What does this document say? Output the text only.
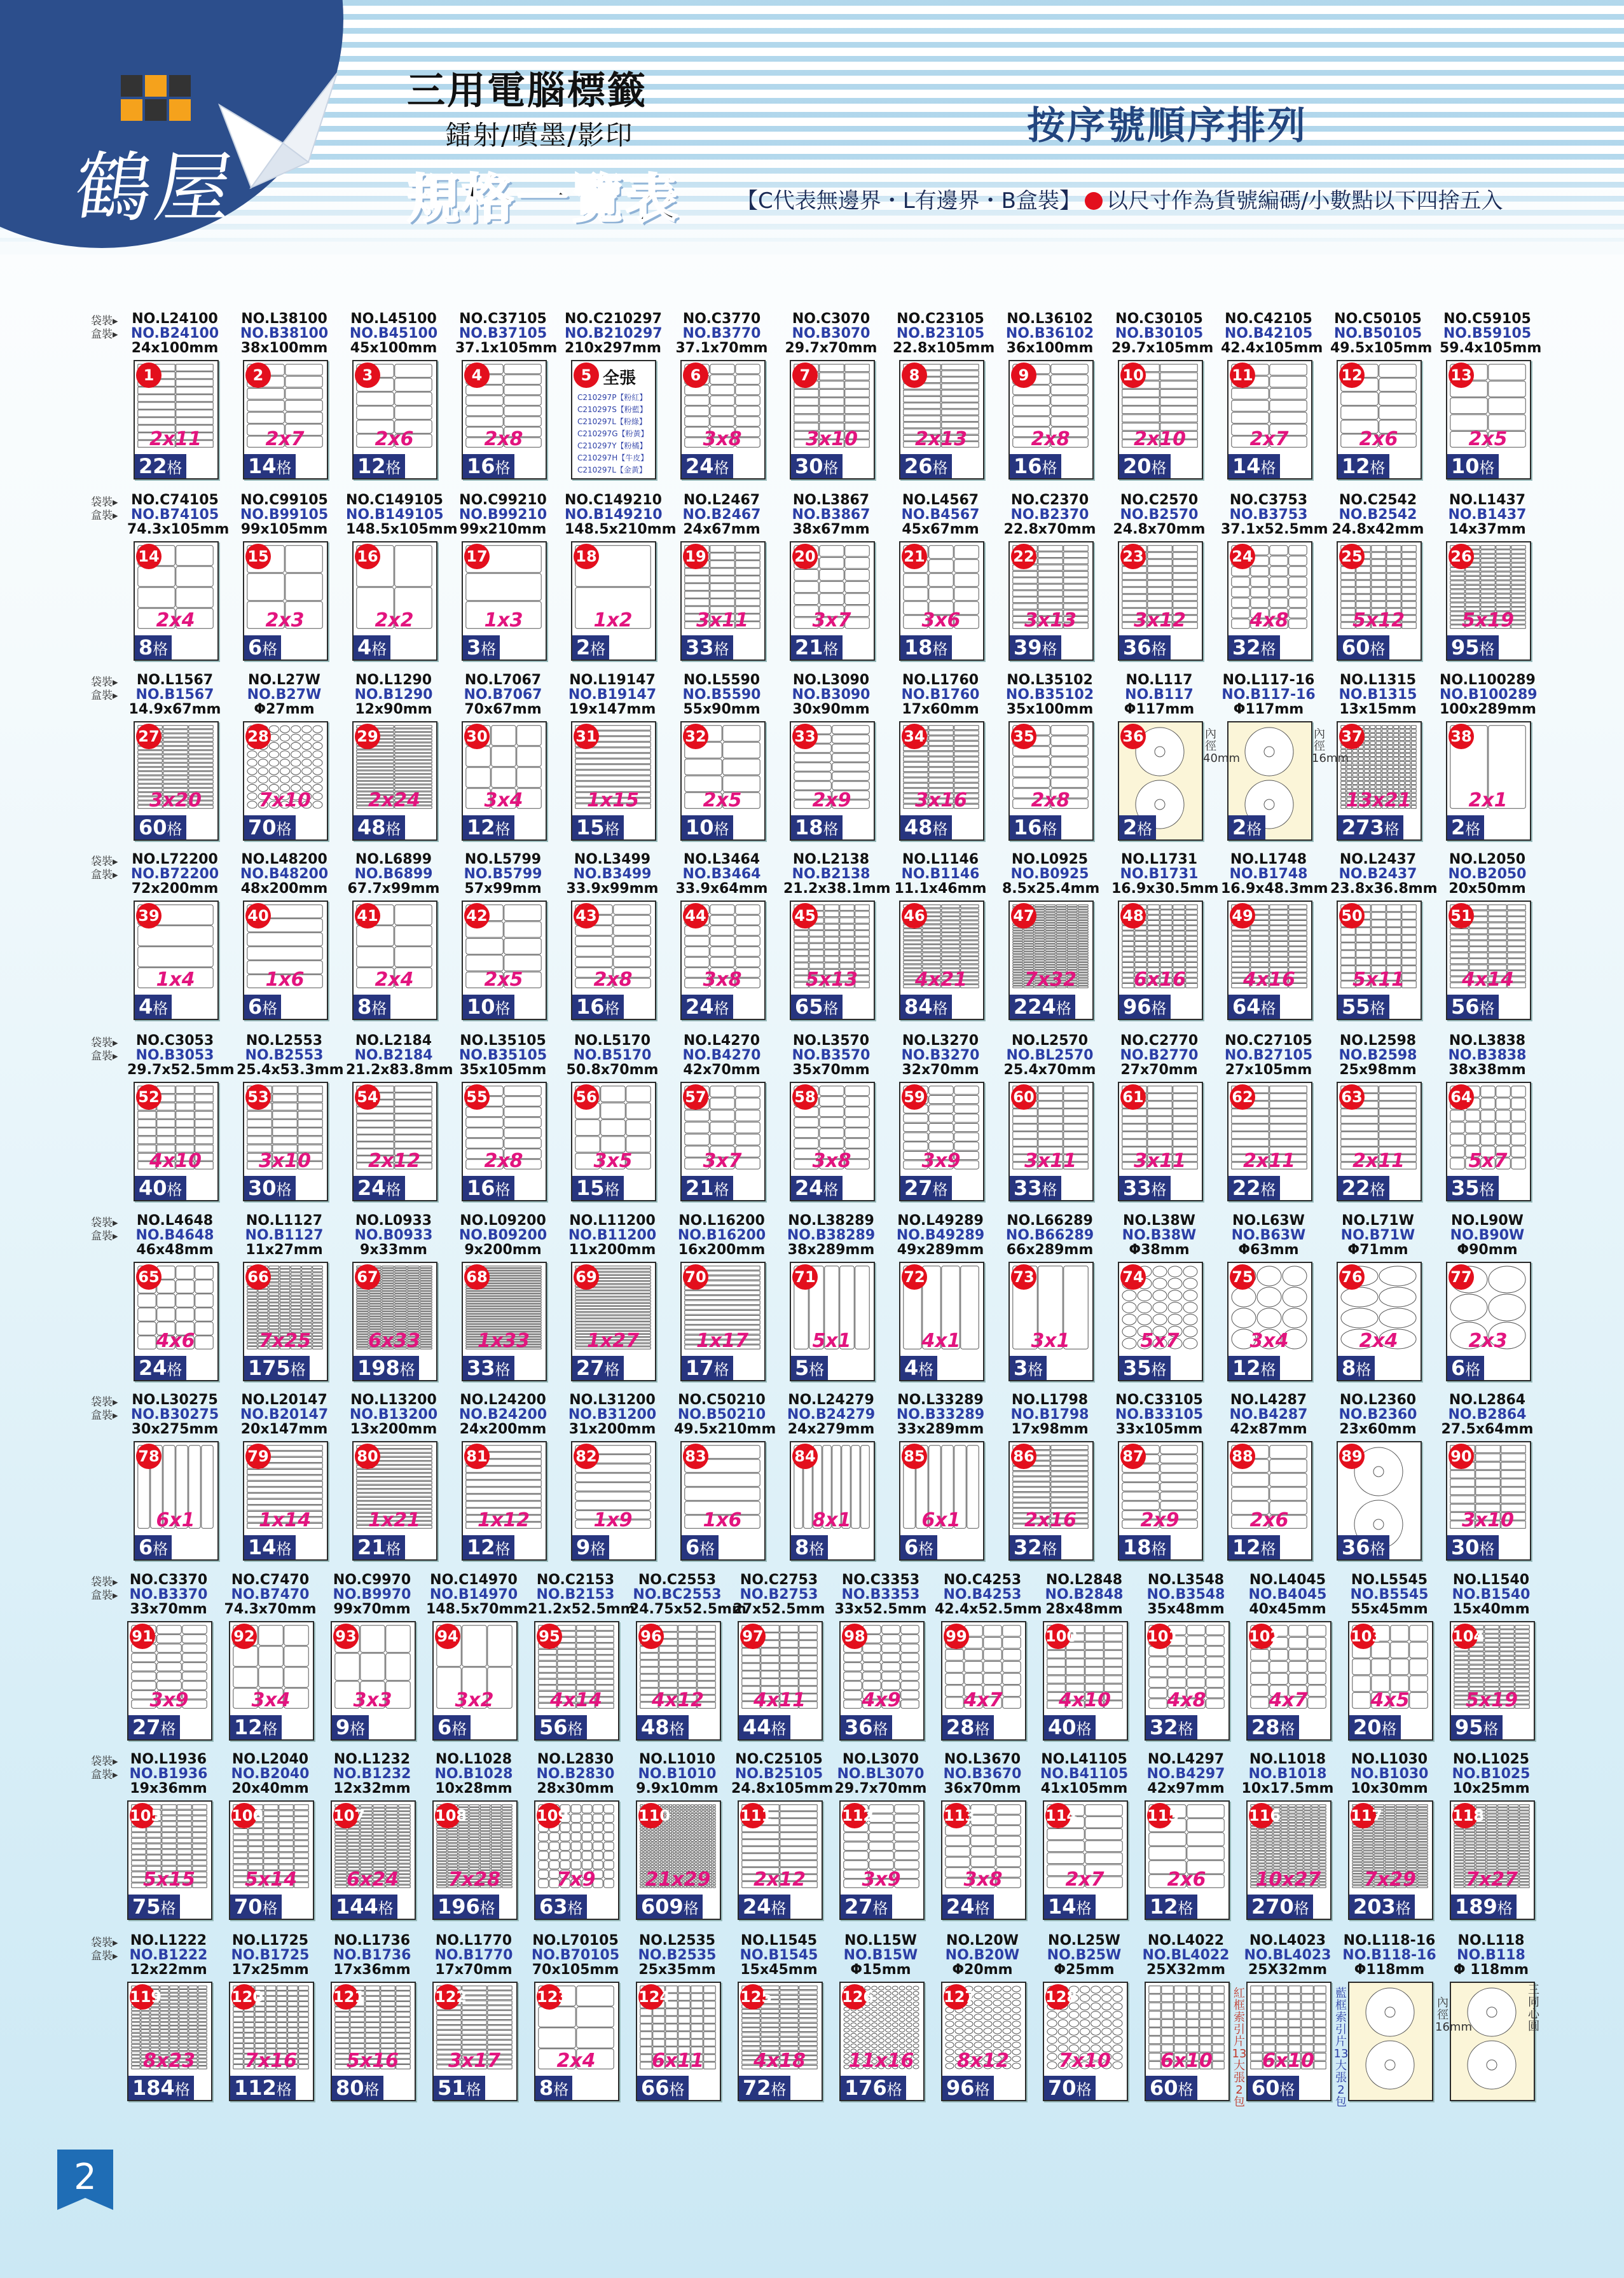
鶴屋
三用電腦標籤
鐳射/噴墨/影印
規格一覽表
按序號順序排列
【C代表無邊界・L有邊界・B盒裝】 以尺寸作為貨號編碼/小數點以下四捨五入
袋裝▸
盒裝▸
NO.L24100
NO.B24100
24x100mm
1
2x11
22格
NO.L38100
NO.B38100
38x100mm
2
2x7
14格
NO.L45100
NO.B45100
45x100mm
3
2x6
12格
NO.C37105
NO.B37105
37.1x105mm
4
2x8
16格
NO.C210297
NO.B210297
210x297mm
全張
C210297P【粉紅】
C210297S【粉藍】
C210297L【粉綠】
C210297G【粉黃】
C210297Y【粉橘】
C210297H【牛皮】
C210297L【金黃】
5
NO.C3770
NO.B3770
37.1x70mm
6
3x8
24格
NO.C3070
NO.B3070
29.7x70mm
7
3x10
30格
NO.C23105
NO.B23105
22.8x105mm
8
2x13
26格
NO.L36102
NO.B36102
36x100mm
9
2x8
16格
NO.C30105
NO.B30105
29.7x105mm
10
2x10
20格
NO.C42105
NO.B42105
42.4x105mm
11
2x7
14格
NO.C50105
NO.B50105
49.5x105mm
12
2x6
12格
NO.C59105
NO.B59105
59.4x105mm
13
2x5
10格
袋裝▸
盒裝▸
NO.C74105
NO.B74105
74.3x105mm
14
2x4
8格
NO.C99105
NO.B99105
99x105mm
15
2x3
6格
NO.C149105
NO.B149105
148.5x105mm
16
2x2
4格
NO.C99210
NO.B99210
99x210mm
17
1x3
3格
NO.C149210
NO.B149210
148.5x210mm
18
1x2
2格
NO.L2467
NO.B2467
24x67mm
19
3x11
33格
NO.L3867
NO.B3867
38x67mm
20
3x7
21格
NO.L4567
NO.B4567
45x67mm
21
3x6
18格
NO.C2370
NO.B2370
22.8x70mm
22
3x13
39格
NO.C2570
NO.B2570
24.8x70mm
23
3x12
36格
NO.C3753
NO.B3753
37.1x52.5mm
24
4x8
32格
NO.C2542
NO.B2542
24.8x42mm
25
5x12
60格
NO.L1437
NO.B1437
14x37mm
26
5x19
95格
袋裝▸
盒裝▸
NO.L1567
NO.B1567
14.9x67mm
27
3x20
60格
NO.L27W
NO.B27W
Φ27mm
28
7x10
70格
NO.L1290
NO.B1290
12x90mm
29
2x24
48格
NO.L7067
NO.B7067
70x67mm
30
3x4
12格
NO.L19147
NO.B19147
19x147mm
31
1x15
15格
NO.L5590
NO.B5590
55x90mm
32
2x5
10格
NO.L3090
NO.B3090
30x90mm
33
2x9
18格
NO.L1760
NO.B1760
17x60mm
34
3x16
48格
NO.L35102
NO.B35102
35x100mm
35
2x8
16格
NO.L117
NO.B117
Φ117mm
36
2格
NO.L117-16
NO.B117-16
Φ117mm
2格
NO.L1315
NO.B1315
13x15mm
37
13x21
273格
NO.L100289
NO.B100289
100x289mm
38
2x1
2格
袋裝▸
盒裝▸
NO.L72200
NO.B72200
72x200mm
39
1x4
4格
NO.L48200
NO.B48200
48x200mm
40
1x6
6格
NO.L6899
NO.B6899
67.7x99mm
41
2x4
8格
NO.L5799
NO.B5799
57x99mm
42
2x5
10格
NO.L3499
NO.B3499
33.9x99mm
43
2x8
16格
NO.L3464
NO.B3464
33.9x64mm
44
3x8
24格
NO.L2138
NO.B2138
21.2x38.1mm
45
5x13
65格
NO.L1146
NO.B1146
11.1x46mm
46
4x21
84格
NO.L0925
NO.B0925
8.5x25.4mm
47
7x32
224格
NO.L1731
NO.B1731
16.9x30.5mm
48
6x16
96格
NO.L1748
NO.B1748
16.9x48.3mm
49
4x16
64格
NO.L2437
NO.B2437
23.8x36.8mm
50
5x11
55格
NO.L2050
NO.B2050
20x50mm
51
4x14
56格
袋裝▸
盒裝▸
NO.C3053
NO.B3053
29.7x52.5mm
52
4x10
40格
NO.L2553
NO.B2553
25.4x53.3mm
53
3x10
30格
NO.L2184
NO.B2184
21.2x83.8mm
54
2x12
24格
NO.L35105
NO.B35105
35x105mm
55
2x8
16格
NO.L5170
NO.B5170
50.8x70mm
56
3x5
15格
NO.L4270
NO.B4270
42x70mm
57
3x7
21格
NO.L3570
NO.B3570
35x70mm
58
3x8
24格
NO.L3270
NO.B3270
32x70mm
59
3x9
27格
NO.L2570
NO.BL2570
25.4x70mm
60
3x11
33格
NO.C2770
NO.B2770
27x70mm
61
3x11
33格
NO.C27105
NO.B27105
27x105mm
62
2x11
22格
NO.L2598
NO.B2598
25x98mm
63
2x11
22格
NO.L3838
NO.B3838
38x38mm
64
5x7
35格
袋裝▸
盒裝▸
NO.L4648
NO.B4648
46x48mm
65
4x6
24格
NO.L1127
NO.B1127
11x27mm
66
7x25
175格
NO.L0933
NO.B0933
9x33mm
67
6x33
198格
NO.L09200
NO.B09200
9x200mm
68
1x33
33格
NO.L11200
NO.B11200
11x200mm
69
1x27
27格
NO.L16200
NO.B16200
16x200mm
70
1x17
17格
NO.L38289
NO.B38289
38x289mm
71
5x1
5格
NO.L49289
NO.B49289
49x289mm
72
4x1
4格
NO.L66289
NO.B66289
66x289mm
73
3x1
3格
NO.L38W
NO.B38W
Φ38mm
74
5x7
35格
NO.L63W
NO.B63W
Φ63mm
75
3x4
12格
NO.L71W
NO.B71W
Φ71mm
76
2x4
8格
NO.L90W
NO.B90W
Φ90mm
77
2x3
6格
袋裝▸
盒裝▸
NO.L30275
NO.B30275
30x275mm
78
6x1
6格
NO.L20147
NO.B20147
20x147mm
79
1x14
14格
NO.L13200
NO.B13200
13x200mm
80
1x21
21格
NO.L24200
NO.B24200
24x200mm
81
1x12
12格
NO.L31200
NO.B31200
31x200mm
82
1x9
9格
NO.C50210
NO.B50210
49.5x210mm
83
1x6
6格
NO.L24279
NO.B24279
24x279mm
84
8x1
8格
NO.L33289
NO.B33289
33x289mm
85
6x1
6格
NO.L1798
NO.B1798
17x98mm
86
2x16
32格
NO.C33105
NO.B33105
33x105mm
87
2x9
18格
NO.L4287
NO.B4287
42x87mm
88
2x6
12格
NO.L2360
NO.B2360
23x60mm
89
36格
NO.L2864
NO.B2864
27.5x64mm
90
3x10
30格
袋裝▸
盒裝▸
NO.C3370
NO.B3370
33x70mm
91
3x9
27格
NO.C7470
NO.B7470
74.3x70mm
92
3x4
12格
NO.C9970
NO.B9970
99x70mm
93
3x3
9格
NO.C14970
NO.B14970
148.5x70mm
94
3x2
6格
NO.C2153
NO.B2153
21.2x52.5mm
95
4x14
56格
NO.C2553
NO.BC2553
24.75x52.5mm
96
4x12
48格
NO.C2753
NO.B2753
27x52.5mm
97
4x11
44格
NO.C3353
NO.B3353
33x52.5mm
98
4x9
36格
NO.C4253
NO.B4253
42.4x52.5mm
99
4x7
28格
NO.L2848
NO.B2848
28x48mm
100
4x10
40格
NO.L3548
NO.B3548
35x48mm
101
4x8
32格
NO.L4045
NO.B4045
40x45mm
102
4x7
28格
NO.L5545
NO.B5545
55x45mm
103
4x5
20格
NO.L1540
NO.B1540
15x40mm
104
5x19
95格
袋裝▸
盒裝▸
NO.L1936
NO.B1936
19x36mm
105
5x15
75格
NO.L2040
NO.B2040
20x40mm
106
5x14
70格
NO.L1232
NO.B1232
12x32mm
107
6x24
144格
NO.L1028
NO.B1028
10x28mm
108
7x28
196格
NO.L2830
NO.B2830
28x30mm
109
7x9
63格
NO.L1010
NO.B1010
9.9x10mm
110
21x29
609格
NO.C25105
NO.B25105
24.8x105mm
111
2x12
24格
NO.L3070
NO.BL3070
29.7x70mm
112
3x9
27格
NO.L3670
NO.B3670
36x70mm
113
3x8
24格
NO.L41105
NO.B41105
41x105mm
114
2x7
14格
NO.L4297
NO.B4297
42x97mm
115
2x6
12格
NO.L1018
NO.B1018
10x17.5mm
116
10x27
270格
NO.L1030
NO.B1030
10x30mm
117
7x29
203格
NO.L1025
NO.B1025
10x25mm
118
7x27
189格
袋裝▸
盒裝▸
NO.L1222
NO.B1222
12x22mm
119
8x23
184格
NO.L1725
NO.B1725
17x25mm
120
7x16
112格
NO.L1736
NO.B1736
17x36mm
121
5x16
80格
NO.L1770
NO.B1770
17x70mm
122
3x17
51格
NO.L70105
NO.B70105
70x105mm
123
2x4
8格
NO.L2535
NO.B2535
25x35mm
124
6x11
66格
NO.L1545
NO.B1545
15x45mm
125
4x18
72格
NO.L15W
NO.B15W
Φ15mm
126
11x16
176格
NO.L20W
NO.B20W
Φ20mm
127
8x12
96格
NO.L25W
NO.B25W
Φ25mm
128
7x10
70格
NO.L4022
NO.BL4022
25X32mm
6x10
60格
NO.L4023
NO.BL4023
25X32mm
6x10
60格
NO.L118-16
NO.B118-16
Φ118mm
NO.L118
NO.B118
Φ 118mm
內徑40mm
內徑16mm
紅框索引片13大張2包
藍框索引片13大張2包
內徑16
三同心圓
2
